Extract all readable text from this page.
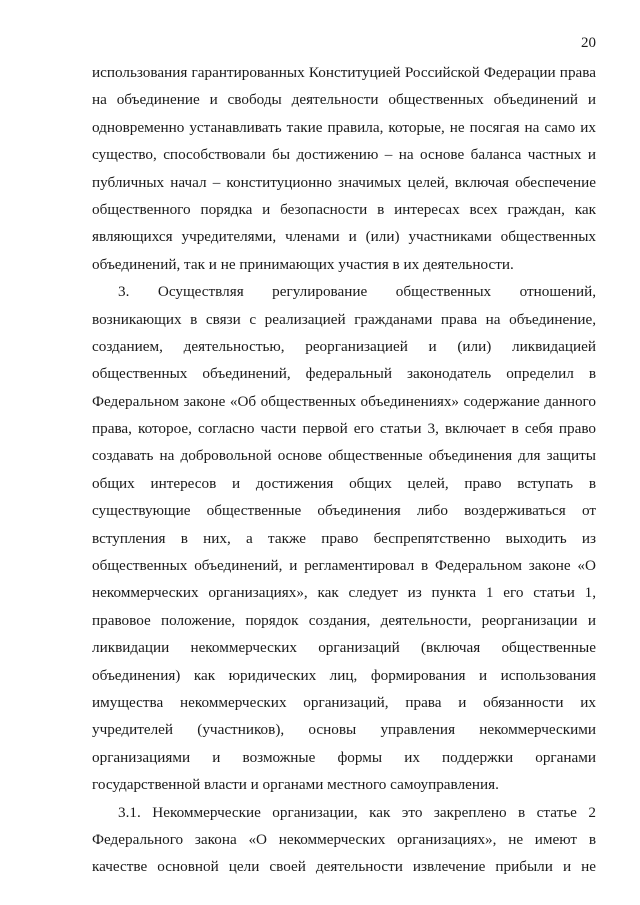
20
использования гарантированных Конституцией Российской Федерации права
на объединение и свободы деятельности общественных объединений и
одновременно устанавливать такие правила, которые, не посягая на само их
существо, способствовали бы достижению – на основе баланса частных и
публичных начал – конституционно значимых целей, включая обеспечение
общественного порядка и безопасности в интересах всех граждан, как
являющихся учредителями, членами и (или) участниками общественных
объединений, так и не принимающих участия в их деятельности.
3. Осуществляя регулирование общественных отношений,
возникающих в связи с реализацией гражданами права на объединение,
созданием, деятельностью, реорганизацией и (или) ликвидацией
общественных объединений, федеральный законодатель определил в
Федеральном законе «Об общественных объединениях» содержание данного
права, которое, согласно части первой его статьи 3, включает в себя право
создавать на добровольной основе общественные объединения для защиты
общих интересов и достижения общих целей, право вступать в
существующие общественные объединения либо воздерживаться от
вступления в них, а также право беспрепятственно выходить из
общественных объединений, и регламентировал в Федеральном законе «О
некоммерческих организациях», как следует из пункта 1 его статьи 1,
правовое положение, порядок создания, деятельности, реорганизации и
ликвидации некоммерческих организаций (включая общественные
объединения) как юридических лиц, формирования и использования
имущества некоммерческих организаций, права и обязанности их
учредителей (участников), основы управления некоммерческими
организациями и возможные формы их поддержки органами
государственной власти и органами местного самоуправления.
3.1. Некоммерческие организации, как это закреплено в статье 2
Федерального закона «О некоммерческих организациях», не имеют в
качестве основной цели своей деятельности извлечение прибыли и не
